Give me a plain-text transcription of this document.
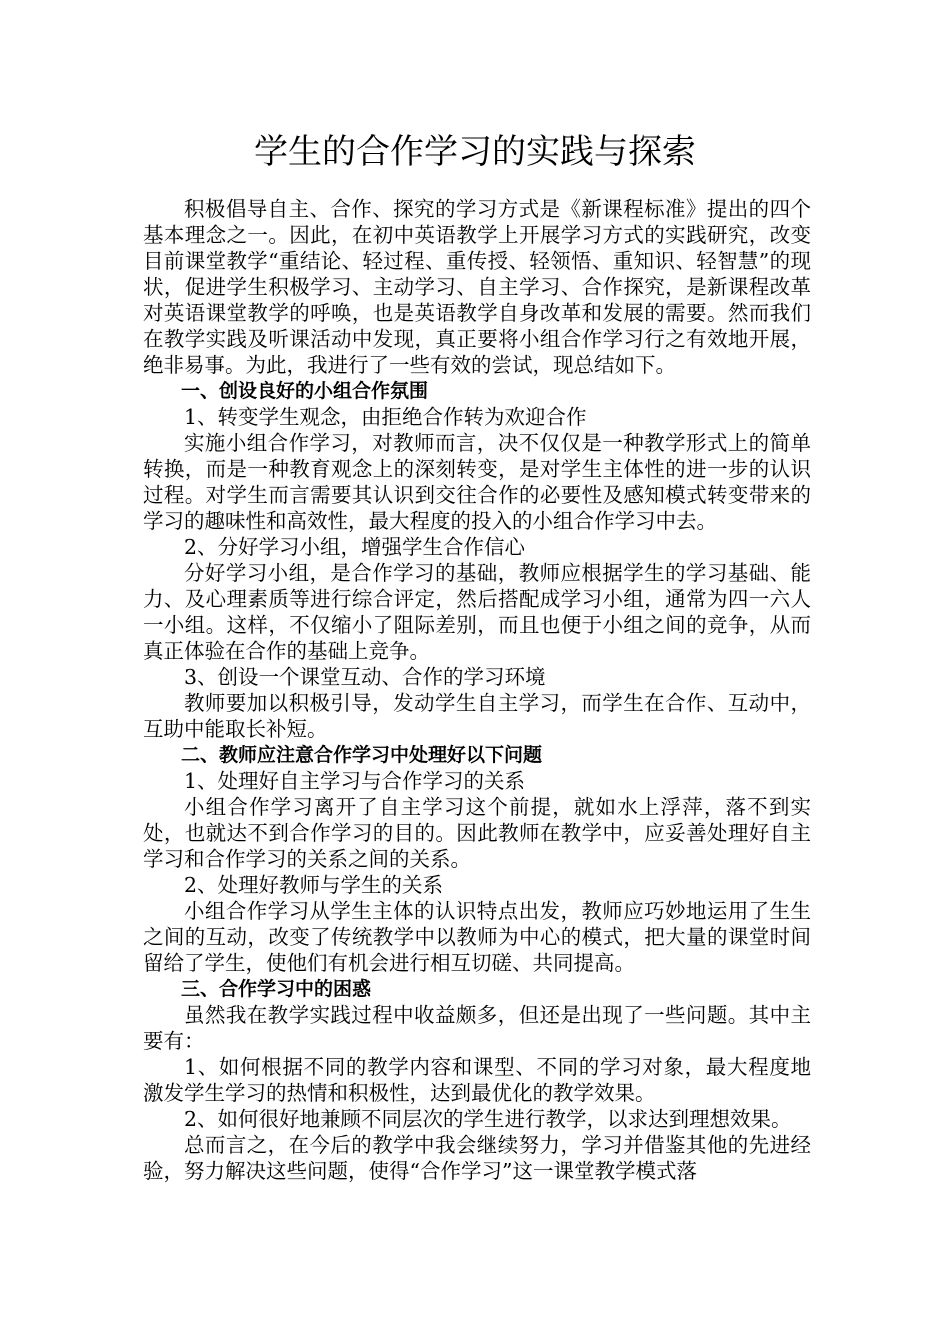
学生的合作学习的实践与探索

积极倡导自主、合作、探究的学习方式是《新课程标准》提出的四个基本理念之一。因此，在初中英语教学上开展学习方式的实践研究，改变目前课堂教学“重结论、轻过程、重传授、轻领悟、重知识、轻智慧”的现状，促进学生积极学习、主动学习、自主学习、合作探究，是新课程改革对英语课堂教学的呼唤，也是英语教学自身改革和发展的需要。然而我们在教学实践及听课活动中发现，真正要将小组合作学习行之有效地开展，绝非易事。为此，我进行了一些有效的尝试，现总结如下。

一、创设良好的小组合作氛围

1、转变学生观念，由拒绝合作转为欢迎合作

实施小组合作学习，对教师而言，决不仅仅是一种教学形式上的简单转换，而是一种教育观念上的深刻转变，是对学生主体性的进一步的认识过程。对学生而言需要其认识到交往合作的必要性及感知模式转变带来的学习的趣味性和高效性，最大程度的投入的小组合作学习中去。

2、分好学习小组，增强学生合作信心

分好学习小组，是合作学习的基础，教师应根据学生的学习基础、能力、及心理素质等进行综合评定，然后搭配成学习小组，通常为四一六人一小组。这样，不仅缩小了阻际差别，而且也便于小组之间的竞争，从而真正体验在合作的基础上竞争。

3、创设一个课堂互动、合作的学习环境

教师要加以积极引导，发动学生自主学习，而学生在合作、互动中，互助中能取长补短。

二、教师应注意合作学习中处理好以下问题

1、处理好自主学习与合作学习的关系

小组合作学习离开了自主学习这个前提，就如水上浮萍，落不到实处，也就达不到合作学习的目的。因此教师在教学中，应妥善处理好自主学习和合作学习的关系之间的关系。

2、处理好教师与学生的关系

小组合作学习从学生主体的认识特点出发，教师应巧妙地运用了生生之间的互动，改变了传统教学中以教师为中心的模式，把大量的课堂时间留给了学生，使他们有机会进行相互切磋、共同提高。

三、合作学习中的困惑

虽然我在教学实践过程中收益颇多，但还是出现了一些问题。其中主要有：

1、如何根据不同的教学内容和课型、不同的学习对象，最大程度地激发学生学习的热情和积极性，达到最优化的教学效果。

2、如何很好地兼顾不同层次的学生进行教学，以求达到理想效果。

总而言之，在今后的教学中我会继续努力，学习并借鉴其他的先进经验，努力解决这些问题，使得“合作学习”这一课堂教学模式落
